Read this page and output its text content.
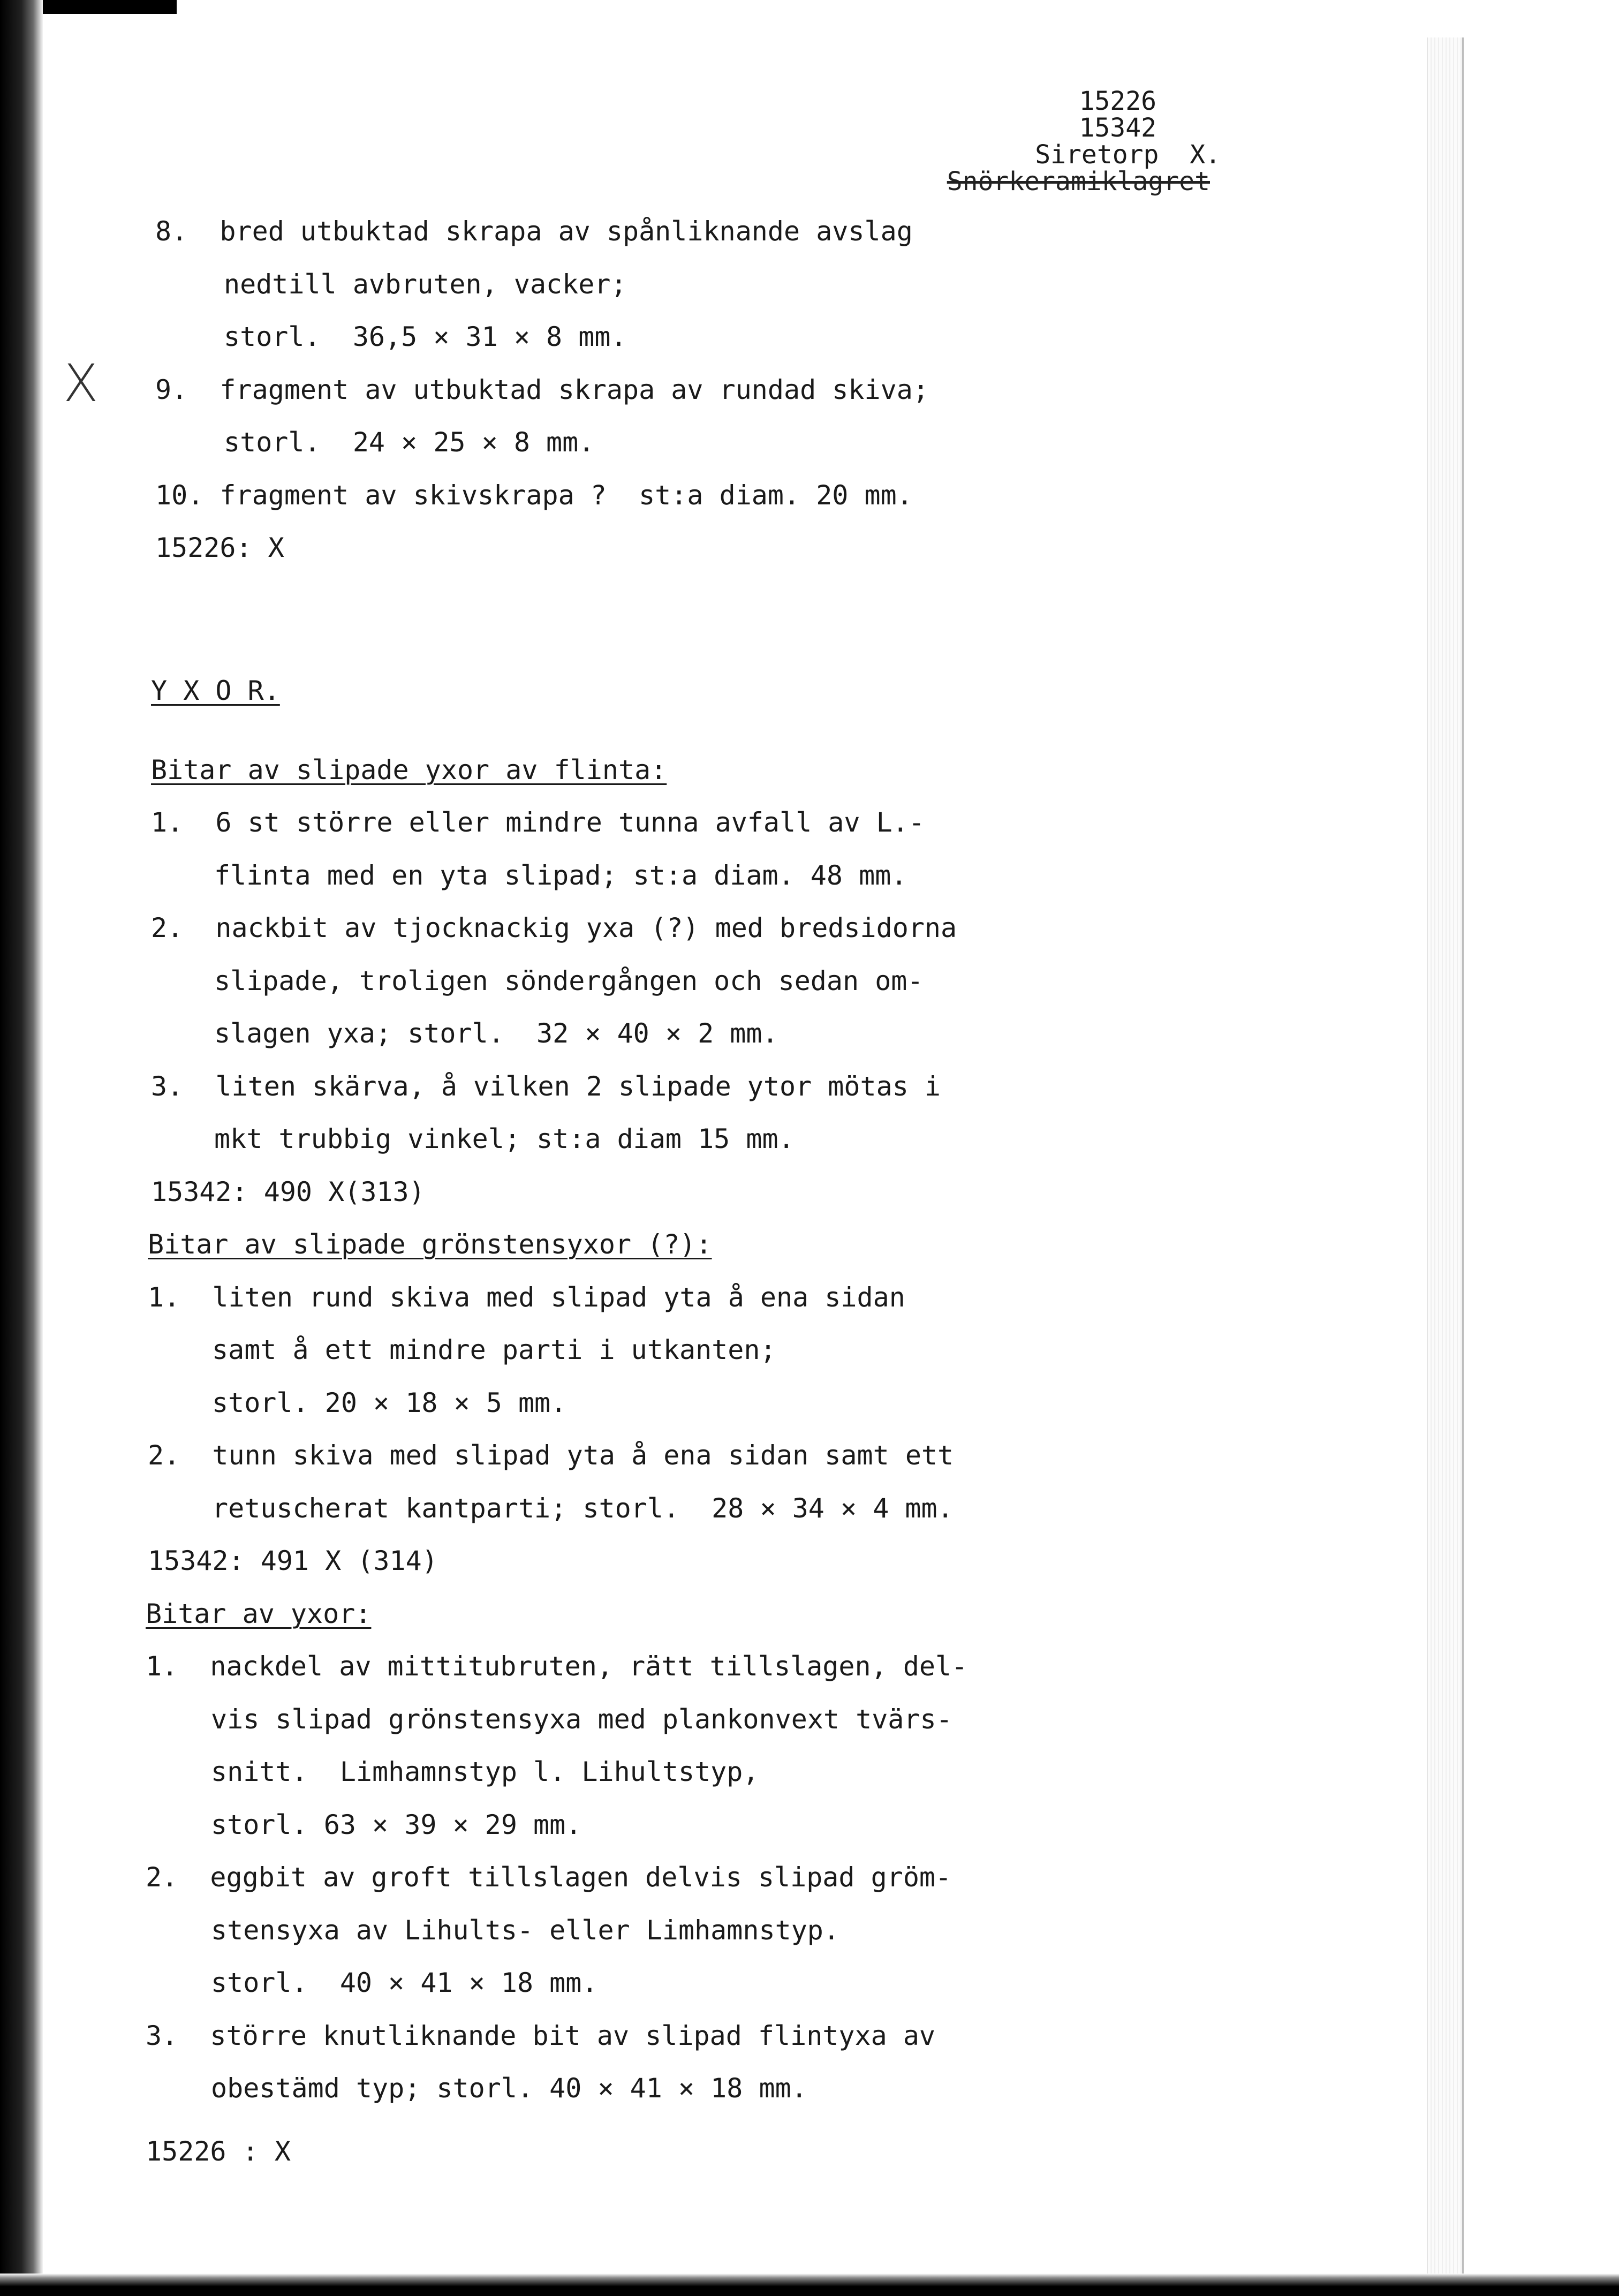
15226
15342
Siretorp  X.
Snörkeramiklagret
X
8.  bred utbuktad skrapa av spånliknande avslag
nedtill avbruten, vacker;
storl.  36,5 × 31 × 8 mm.
9.  fragment av utbuktad skrapa av rundad skiva;
storl.  24 × 25 × 8 mm.
10. fragment av skivskrapa ?  st:a diam. 20 mm.
15226: X
Y X O R.
Bitar av slipade yxor av flinta:
1.  6 st större eller mindre tunna avfall av L.-
flinta med en yta slipad; st:a diam. 48 mm.
2.  nackbit av tjocknackig yxa (?) med bredsidorna
slipade, troligen söndergången och sedan om-
slagen yxa; storl.  32 × 40 × 2 mm.
3.  liten skärva, å vilken 2 slipade ytor mötas i
mkt trubbig vinkel; st:a diam 15 mm.
15342: 490 X(313)
Bitar av slipade grönstensyxor (?):
1.  liten rund skiva med slipad yta å ena sidan
samt å ett mindre parti i utkanten;
storl. 20 × 18 × 5 mm.
2.  tunn skiva med slipad yta å ena sidan samt ett
retuscherat kantparti; storl.  28 × 34 × 4 mm.
15342: 491 X (314)
Bitar av yxor:
1.  nackdel av mittitubruten, rätt tillslagen, del-
vis slipad grönstensyxa med plankonvext tvärs-
snitt.  Limhamnstyp l. Lihultstyp,
storl. 63 × 39 × 29 mm.
2.  eggbit av groft tillslagen delvis slipad gröm-
stensyxa av Lihults- eller Limhamnstyp.
storl.  40 × 41 × 18 mm.
3.  större knutliknande bit av slipad flintyxa av
obestämd typ; storl. 40 × 41 × 18 mm.
15226 : X
